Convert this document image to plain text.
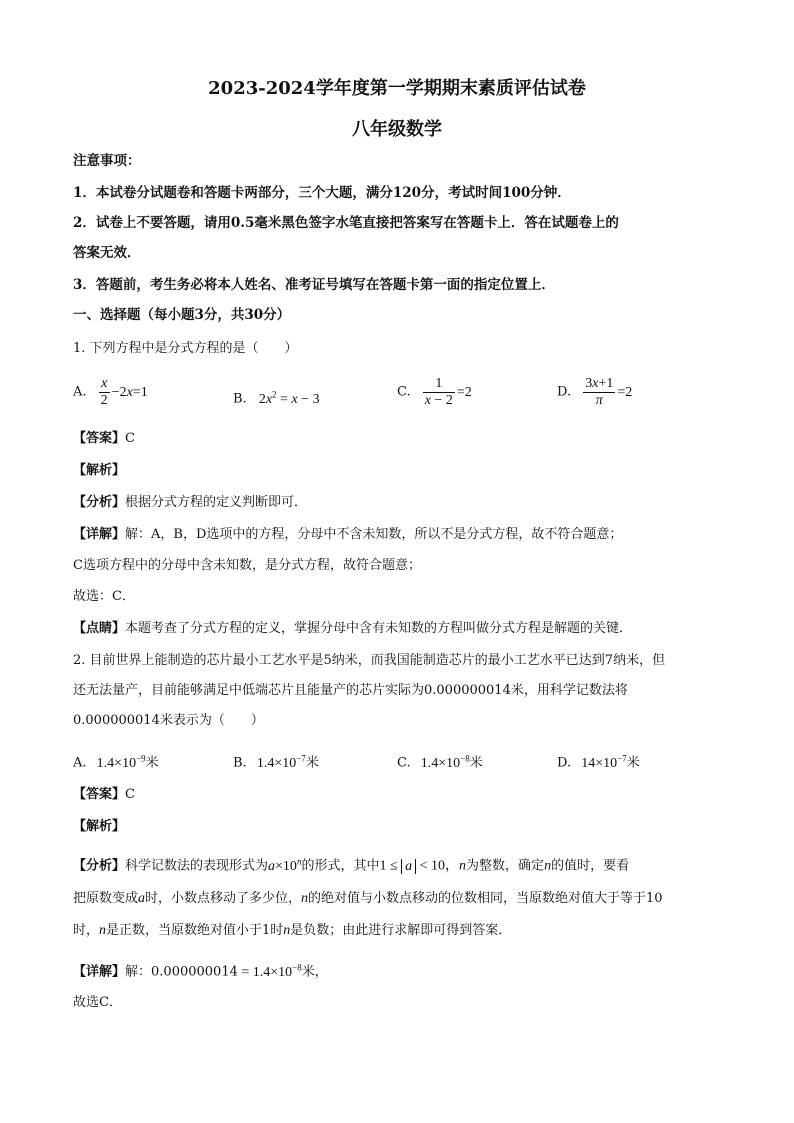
2023-2024学年度第一学期期末素质评估试卷
八年级数学
注意事项：
1．本试卷分试题卷和答题卡两部分，三个大题，满分120分，考试时间100分钟．
2．试卷上不要答题，请用0.5毫米黑色签字水笔直接把答案写在答题卡上．答在试题卷上的
答案无效．
3．答题前，考生务必将本人姓名、准考证号填写在答题卡第一面的指定位置上．
一、选择题（每小题3分，共30分）
1. 下列方程中是分式方程的是（　　）
A. $\frac{x}{2} -2x=1$	B. $2x^2 = x - 3$	C. $\frac{1}{x - 2} =2$	D. $\frac{3x+1}{\pi} =2$
【答案】C
【解析】
【分析】根据分式方程的定义判断即可．
【详解】解：A，B，D选项中的方程，分母中不含未知数，所以不是分式方程，故不符合题意；
C选项方程中的分母中含未知数，是分式方程，故符合题意；
故选：C．
【点睛】本题考查了分式方程的定义，掌握分母中含有未知数的方程叫做分式方程是解题的关键．
2. 目前世界上能制造的芯片最小工艺水平是5纳米，而我国能制造芯片的最小工艺水平已达到7纳米，但
还无法量产，目前能够满足中低端芯片且能量产的芯片实际为0.000000014米，用科学记数法将
0.000000014米表示为（　　）
A. $1.4\times 10^{-9}$米	B. $1.4\times 10^{-7}$米	C. $1.4\times 10^{-8}$米	D. $14\times 10^{-7}$米
【答案】C
【解析】
【分析】科学记数法的表现形式为$a\times 10^n$的形式，其中1 ≤ a < 10，n为整数，确定n的值时，要看
把原数变成a时，小数点移动了多少位，n的绝对值与小数点移动的位数相同，当原数绝对值大于等于10
时，n是正数，当原数绝对值小于1时n是负数；由此进行求解即可得到答案．
【详解】解：$0.000000014 = 1.4\times 10^{-8}$米，
故选C．
